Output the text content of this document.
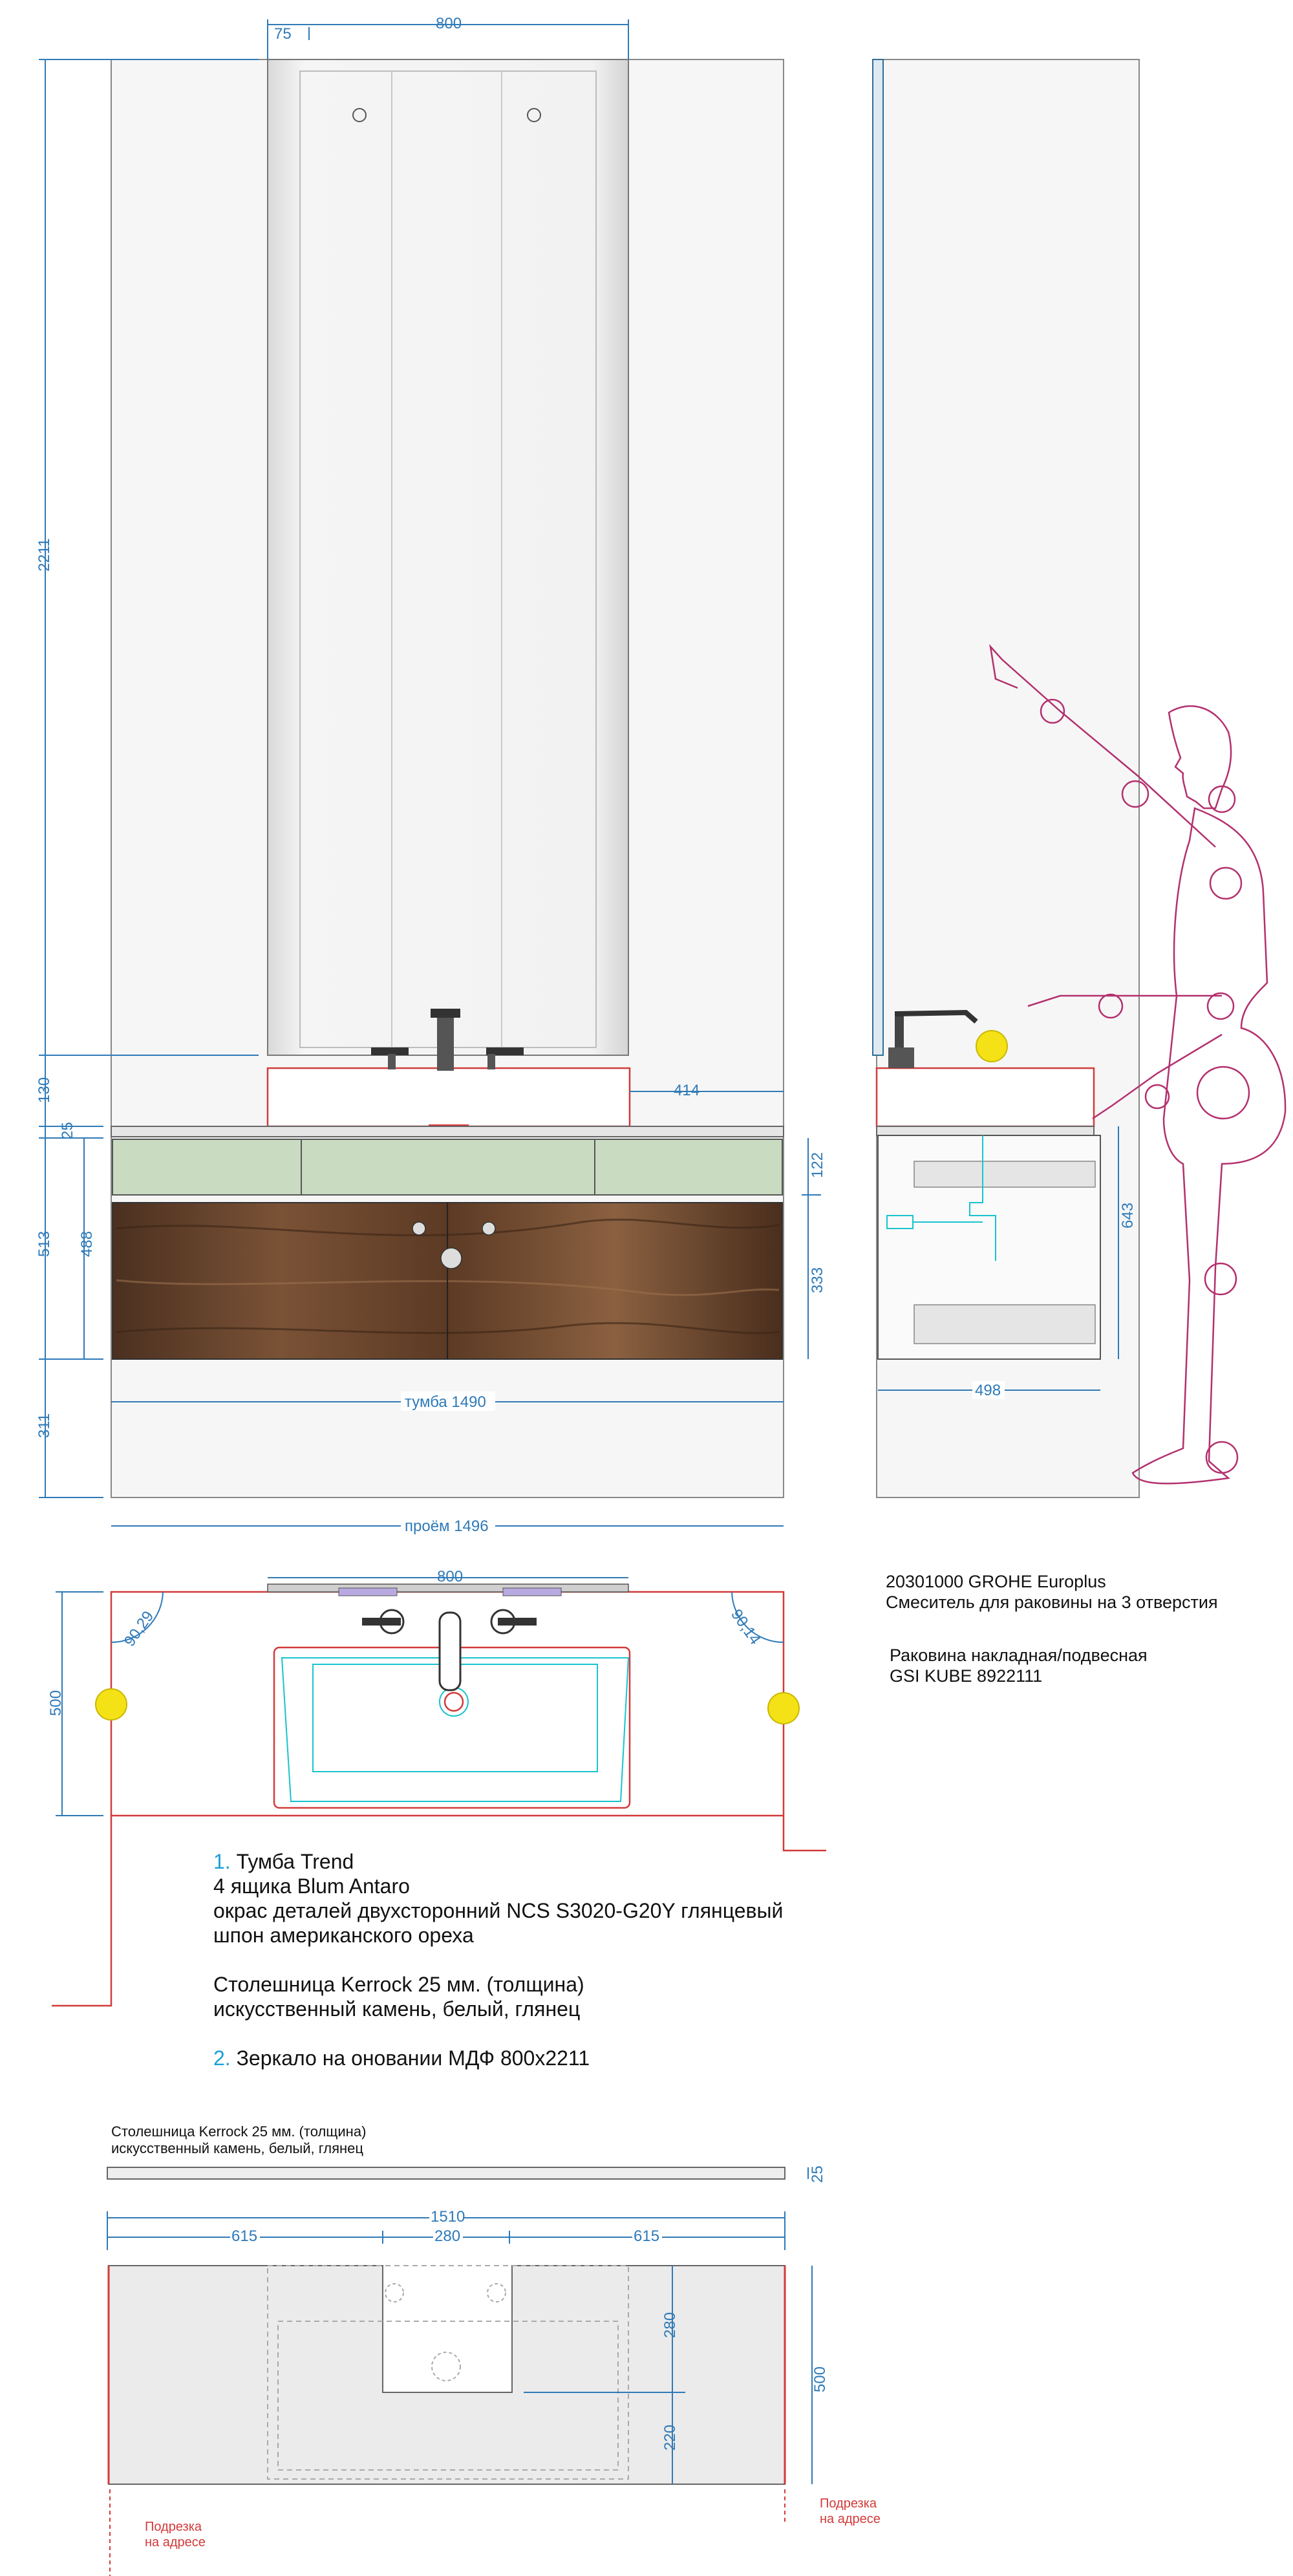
800
75
2211
130
25
513 488
122
333
311
414
тумба 1490
проём 1496
643
498
800
500
90,29	90,14
25
1510
615	280	615
280
220
500
20301000 GROHE Europlus
Смеситель для раковины на 3 отверстия
Раковина накладная/подвесная
GSI KUBE 8922111
1. Тумба Trend
4 ящика Blum Antaro
окрас деталей двухсторонний NCS S3020-G20Y глянцевый
шпон американского ореха
Столешница Kerrock 25 мм. (толщина)
искусственный камень, белый, глянец
2. Зеркало на оновании МДФ 800x2211
Столешница Kerrock 25 мм. (толщина)
искусственный камень, белый, глянец
Подрезка
на адресе
Подрезка
на адресе
